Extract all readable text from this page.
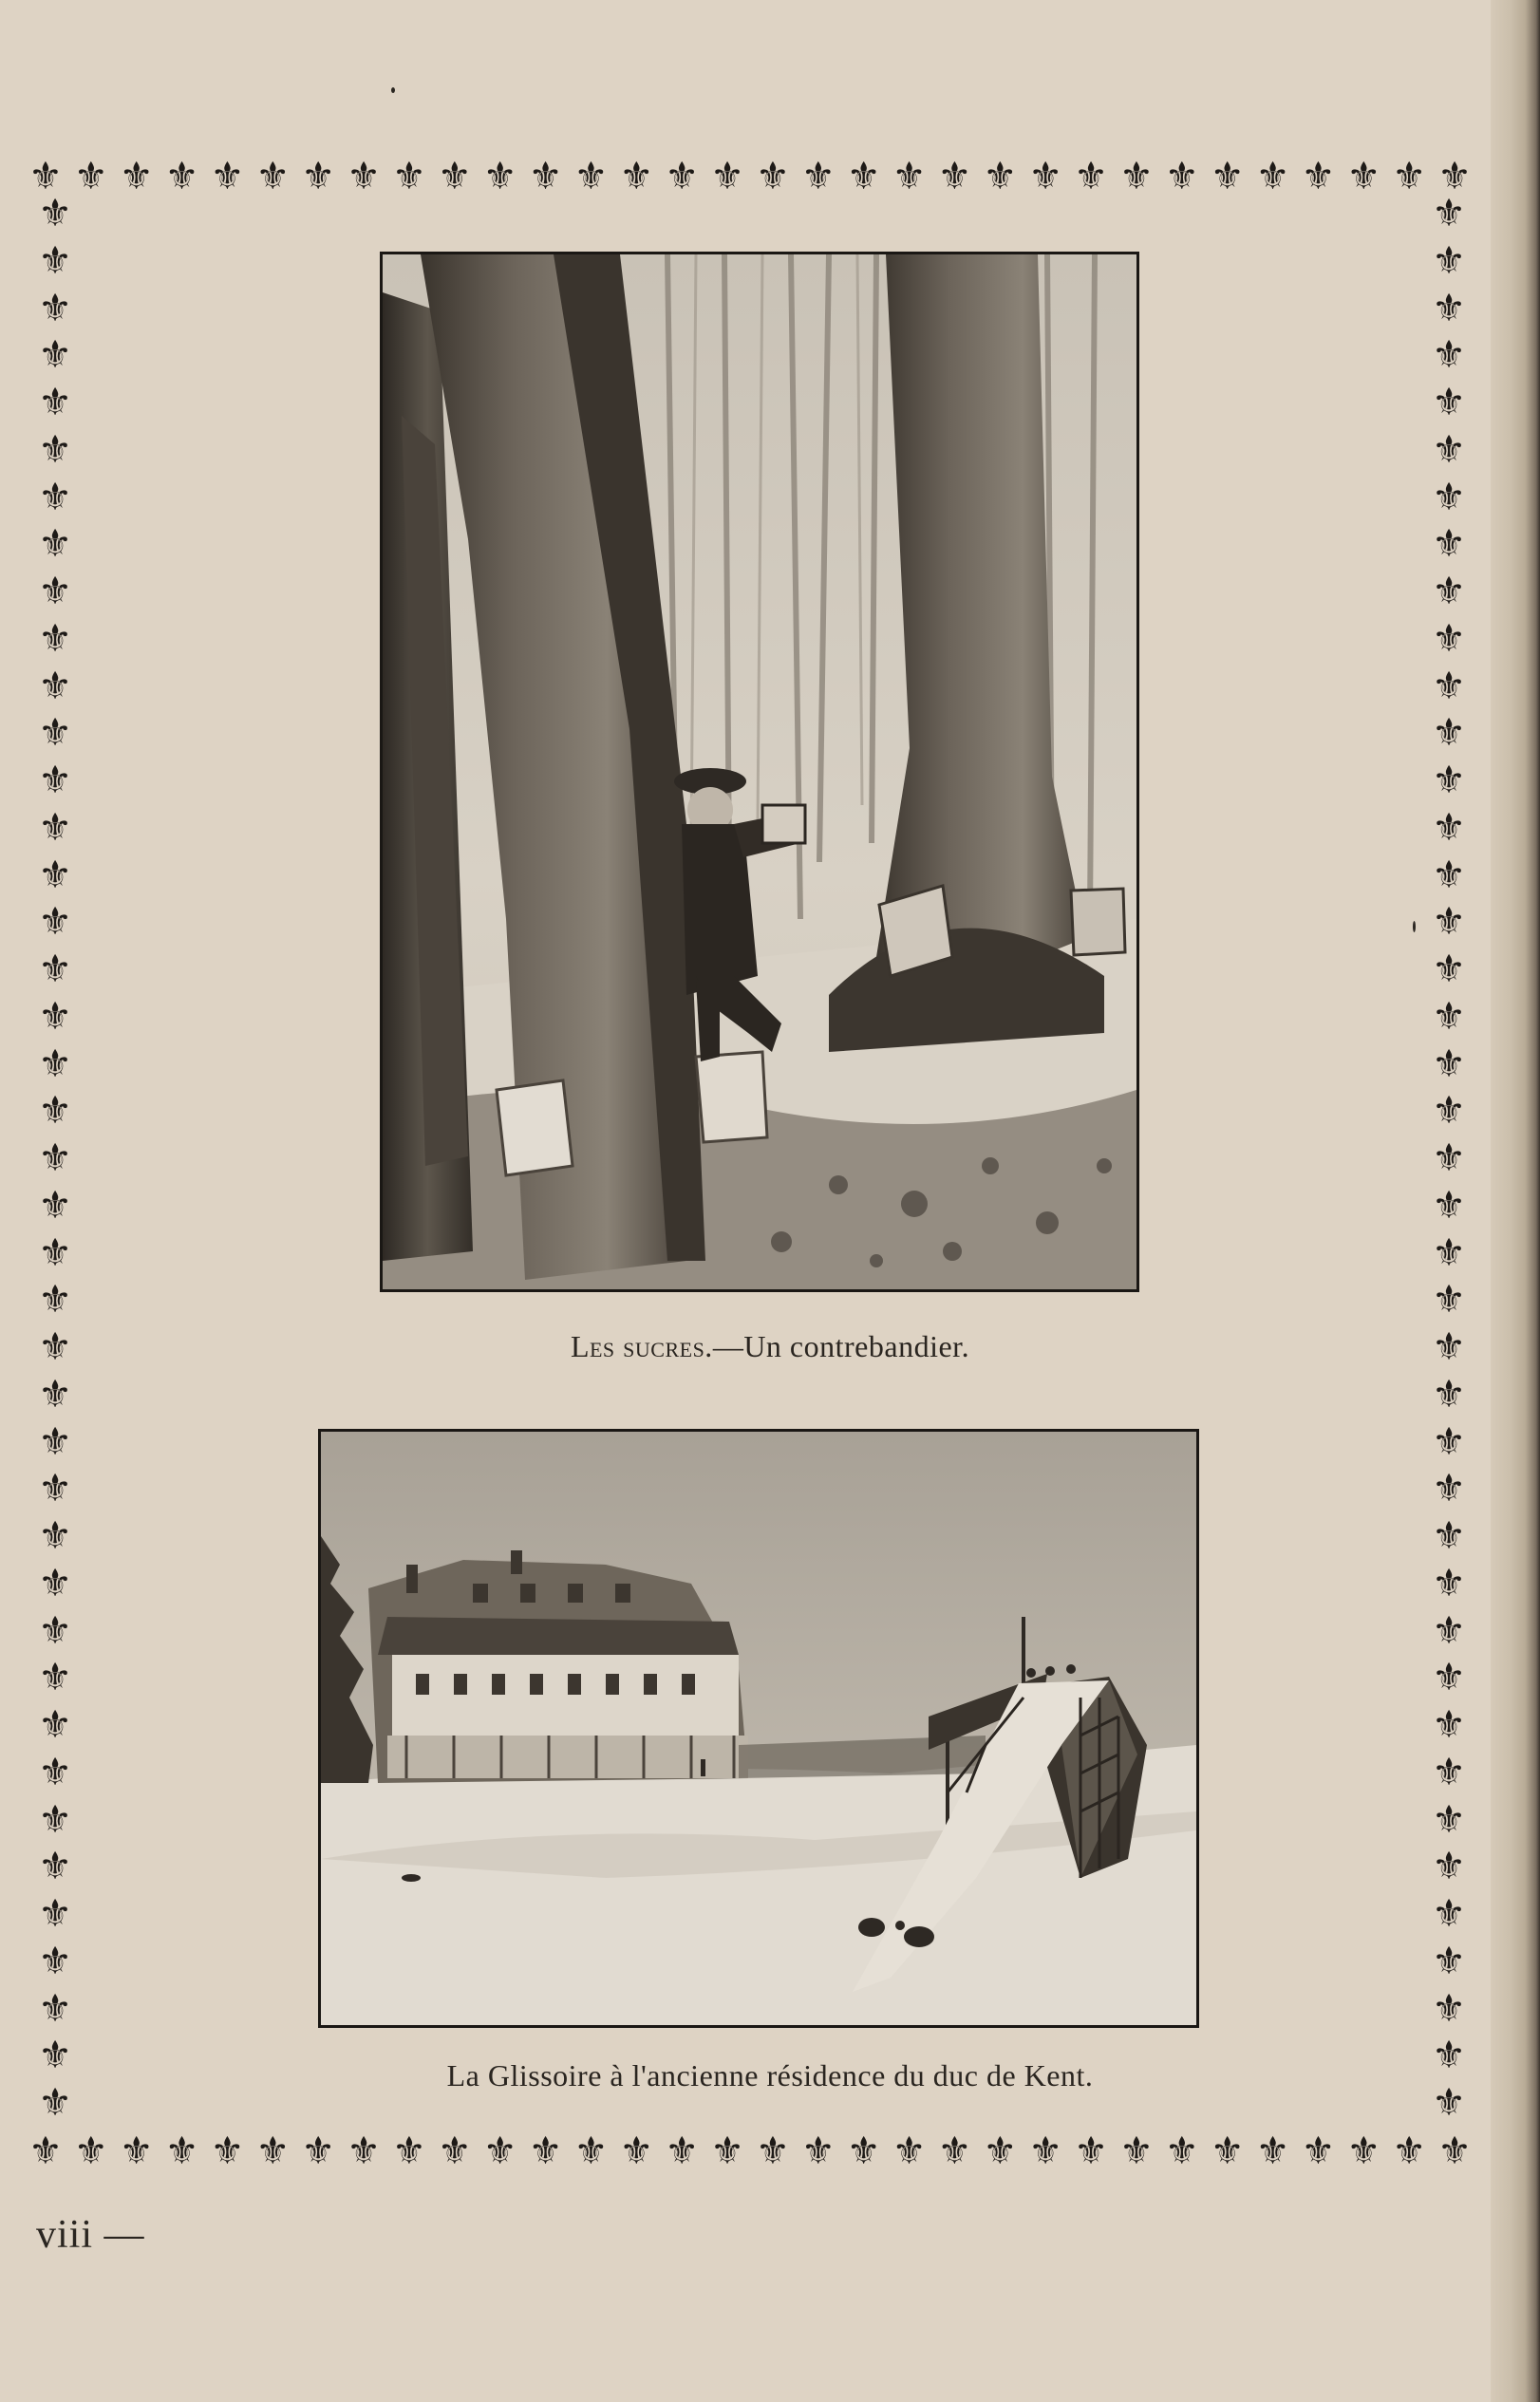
⚜ ⚜ ⚜ ⚜ ⚜ ⚜ ⚜ ⚜ ⚜ ⚜ ⚜ ⚜ ⚜ ⚜ ⚜ ⚜ ⚜ ⚜ ⚜ ⚜ ⚜ ⚜ ⚜ ⚜ ⚜ ⚜ ⚜ ⚜ ⚜ ⚜ ⚜ ⚜
⚜ ⚜ ⚜ ⚜ ⚜ ⚜ ⚜ ⚜ ⚜ ⚜ ⚜ ⚜ ⚜ ⚜ ⚜ ⚜ ⚜ ⚜ ⚜ ⚜ ⚜ ⚜ ⚜ ⚜ ⚜ ⚜ ⚜ ⚜ ⚜ ⚜ ⚜ ⚜
⚜
⚜
⚜
⚜
⚜
⚜
⚜
⚜
⚜
⚜
⚜
⚜
⚜
⚜
⚜
⚜
⚜
⚜
⚜
⚜
⚜
⚜
⚜
⚜
⚜
⚜
⚜
⚜
⚜
⚜
⚜
⚜
⚜
⚜
⚜
⚜
⚜
⚜
⚜
⚜
⚜
⚜
⚜
⚜
⚜
⚜
⚜
⚜
⚜
⚜
⚜
⚜
⚜
⚜
⚜
⚜
⚜
⚜
⚜
⚜
⚜
⚜
⚜
⚜
⚜
⚜
⚜
⚜
⚜
⚜
⚜
⚜
⚜
⚜
⚜
⚜
⚜
⚜
⚜
⚜
⚜
⚜
Les sucres.—Un contrebandier.
La Glissoire à l'ancienne résidence du duc de Kent.
viii —
